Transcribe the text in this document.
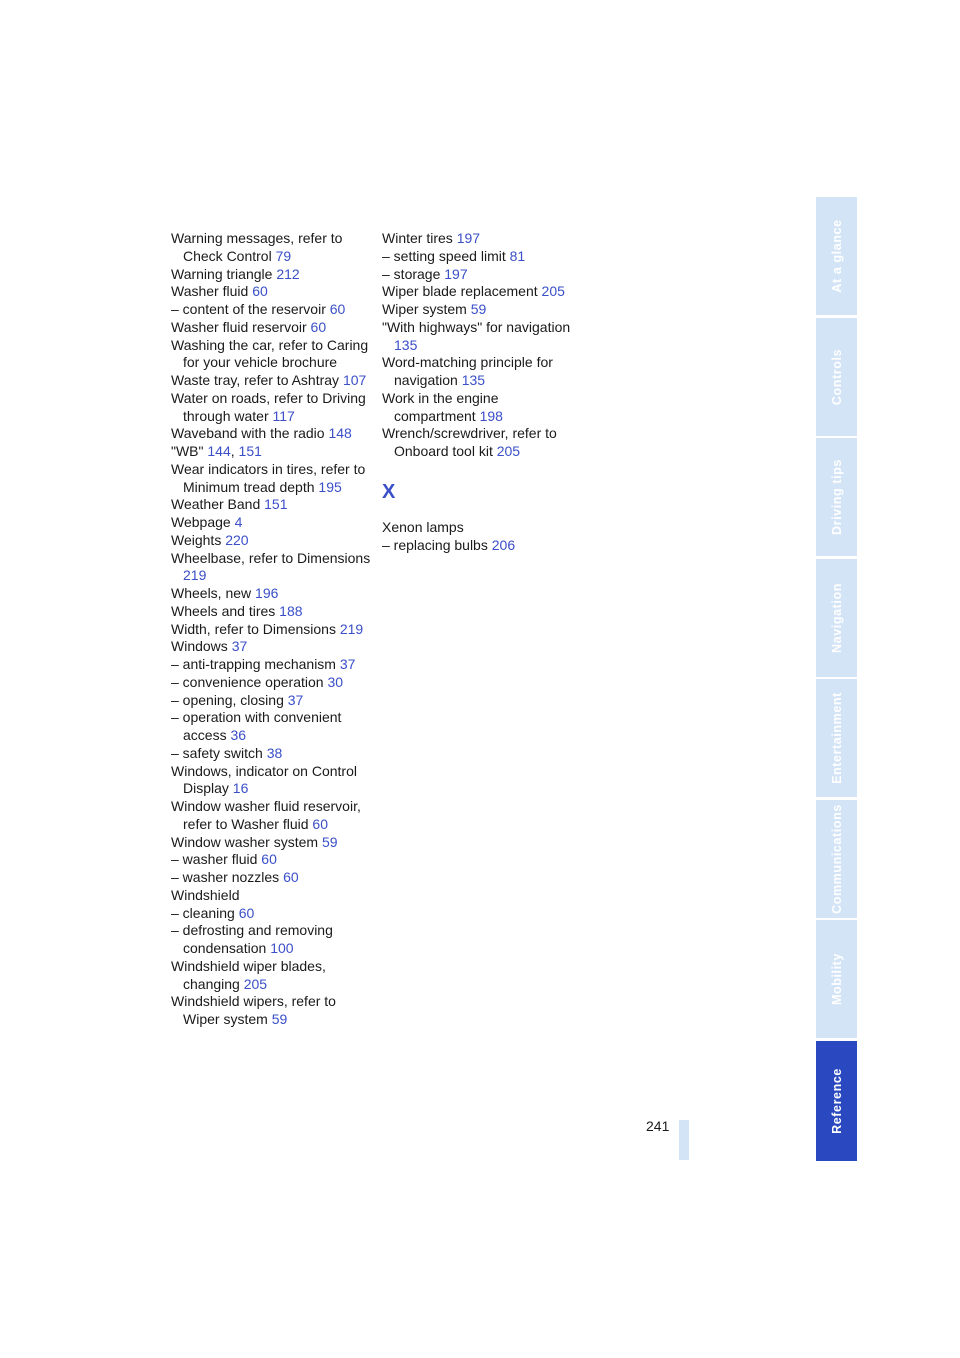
Warning messages, refer to Check Control 79
Warning triangle 212
Washer fluid 60
– content of the reservoir 60
Washer fluid reservoir 60
Washing the car, refer to Caring for your vehicle brochure
Waste tray, refer to Ashtray 107
Water on roads, refer to Driving through water 117
Waveband with the radio 148
"WB" 144, 151
Wear indicators in tires, refer to Minimum tread depth 195
Weather Band 151
Webpage 4
Weights 220
Wheelbase, refer to Dimensions 219
Wheels, new 196
Wheels and tires 188
Width, refer to Dimensions 219
Windows 37
– anti-trapping mechanism 37
– convenience operation 30
– opening, closing 37
– operation with convenient access 36
– safety switch 38
Windows, indicator on Control Display 16
Window washer fluid reservoir, refer to Washer fluid 60
Window washer system 59
– washer fluid 60
– washer nozzles 60
Windshield
– cleaning 60
– defrosting and removing condensation 100
Windshield wiper blades, changing 205
Windshield wipers, refer to Wiper system 59
Winter tires 197
– setting speed limit 81
– storage 197
Wiper blade replacement 205
Wiper system 59
"With highways" for navigation 135
Word-matching principle for navigation 135
Work in the engine compartment 198
Wrench/screwdriver, refer to Onboard tool kit 205
X
Xenon lamps
– replacing bulbs 206
241
At a glance
Controls
Driving tips
Navigation
Entertainment
Communications
Mobility
Reference
